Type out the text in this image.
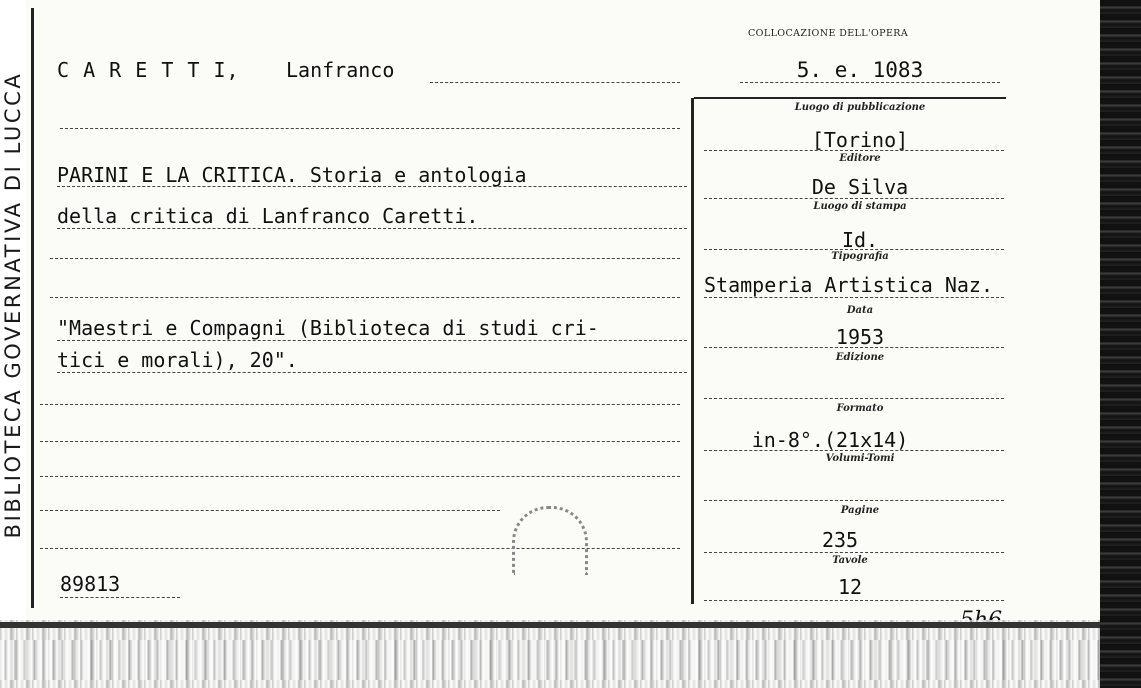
BIBLIOTECA GOVERNATIVA DI LUCCA
COLLOCAZIONE DELL'OPERA
C A R E T T I, Lanfranco	5. e. 1083
PARINI E LA CRITICA. Storia e antologia
della critica di Lanfranco Caretti.
"Maestri e Compagni (Biblioteca di studi cri-
tici e morali), 20".
89813
Luogo di pubblicazione
[Torino]
Editore
De Silva
Luogo di stampa
Id.
Tipografia
Stamperia Artistica Naz.
Data
1953
Edizione
Formato
in-8°.(21x14)
Volumi-Tomi
Pagine
235
Tavole
12
